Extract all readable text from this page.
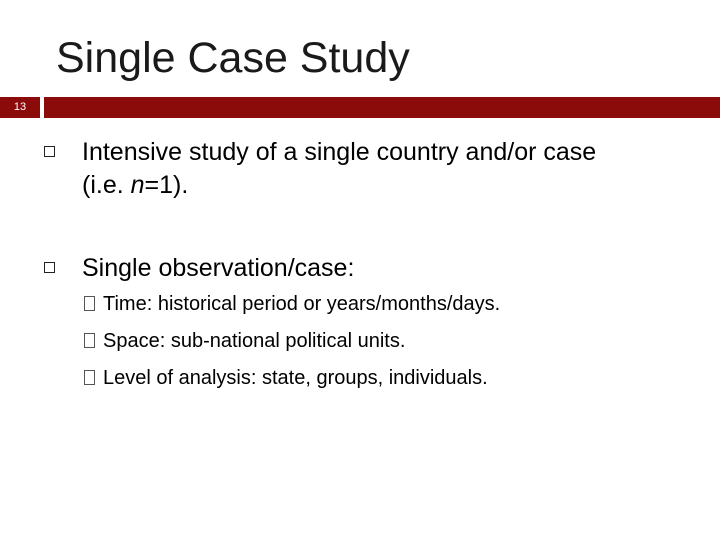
Single Case Study
13
Intensive study of a single country and/or case
(i.e. n=1).
Single observation/case:
Time: historical period or years/months/days.
Space: sub-national political units.
Level of analysis: state, groups, individuals.
